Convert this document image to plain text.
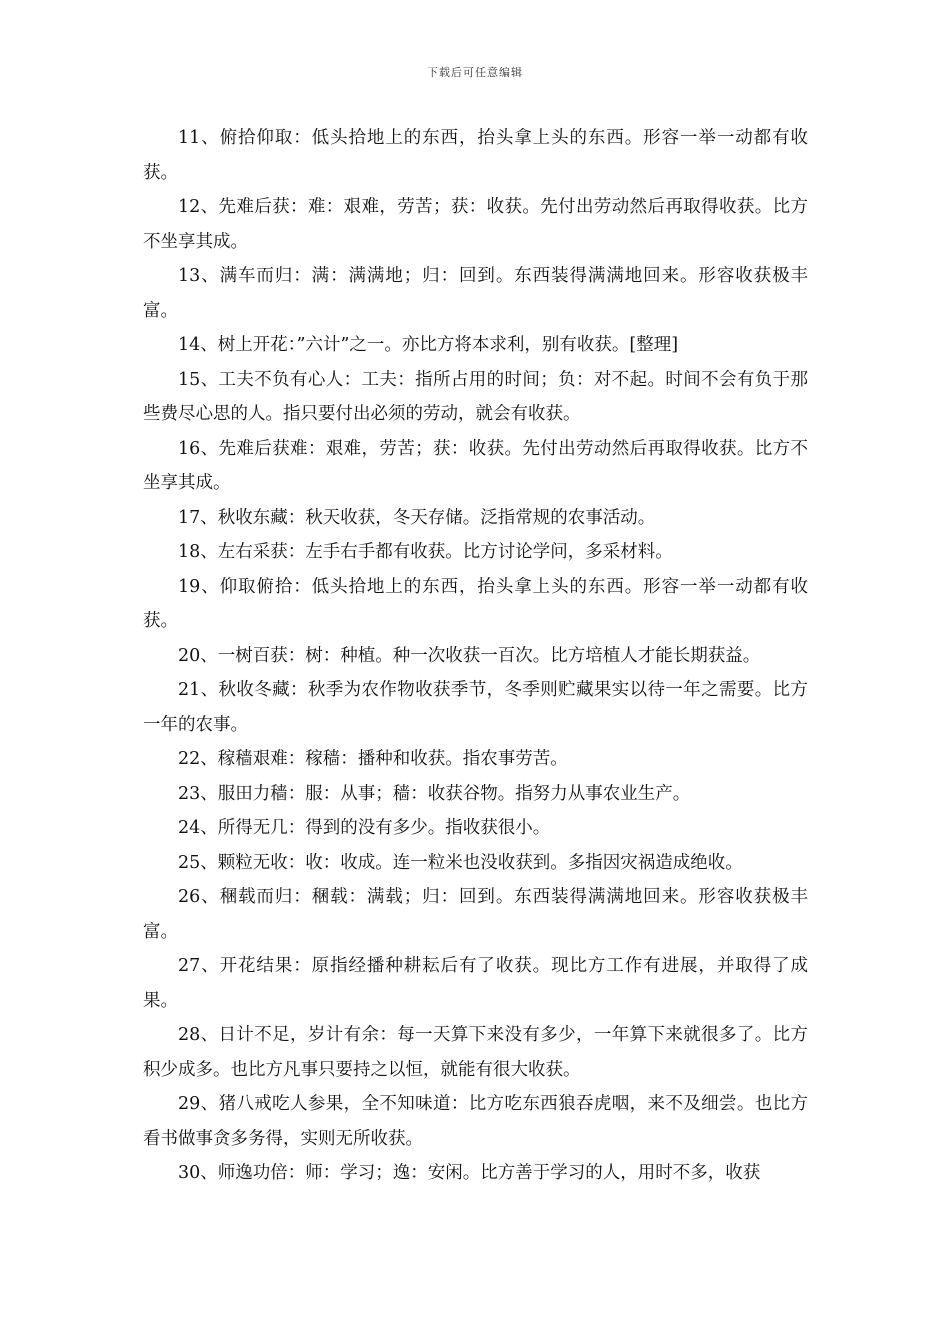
下载后可任意编辑

11、俯拾仰取：低头拾地上的东西，抬头拿上头的东西。形容一举一动都有收获。

12、先难后获：难：艰难，劳苦；获：收获。先付出劳动然后再取得收获。比方不坐享其成。

13、满车而归：满：满满地；归：回到。东西装得满满地回来。形容收获极丰富。

14、树上开花：”六计”之一。亦比方将本求利，别有收获。[整理]

15、工夫不负有心人：工夫：指所占用的时间；负：对不起。时间不会有负于那些费尽心思的人。指只要付出必须的劳动，就会有收获。

16、先难后获难：艰难，劳苦；获：收获。先付出劳动然后再取得收获。比方不坐享其成。

17、秋收东藏：秋天收获，冬天存储。泛指常规的农事活动。

18、左右采获：左手右手都有收获。比方讨论学问，多采材料。

19、仰取俯拾：低头拾地上的东西，抬头拿上头的东西。形容一举一动都有收获。

20、一树百获：树：种植。种一次收获一百次。比方培植人才能长期获益。

21、秋收冬藏：秋季为农作物收获季节，冬季则贮藏果实以待一年之需要。比方一年的农事。

22、稼穑艰难：稼穑：播种和收获。指农事劳苦。

23、服田力穑：服：从事；穑：收获谷物。指努力从事农业生产。

24、所得无几：得到的没有多少。指收获很小。

25、颗粒无收：收：收成。连一粒米也没收获到。多指因灾祸造成绝收。

26、稛载而归：稛载：满载；归：回到。东西装得满满地回来。形容收获极丰富。

27、开花结果：原指经播种耕耘后有了收获。现比方工作有进展，并取得了成果。

28、日计不足，岁计有余：每一天算下来没有多少，一年算下来就很多了。比方积少成多。也比方凡事只要持之以恒，就能有很大收获。

29、猪八戒吃人参果，全不知味道：比方吃东西狼吞虎咽，来不及细尝。也比方看书做事贪多务得，实则无所收获。

30、师逸功倍：师：学习；逸：安闲。比方善于学习的人，用时不多，收获
